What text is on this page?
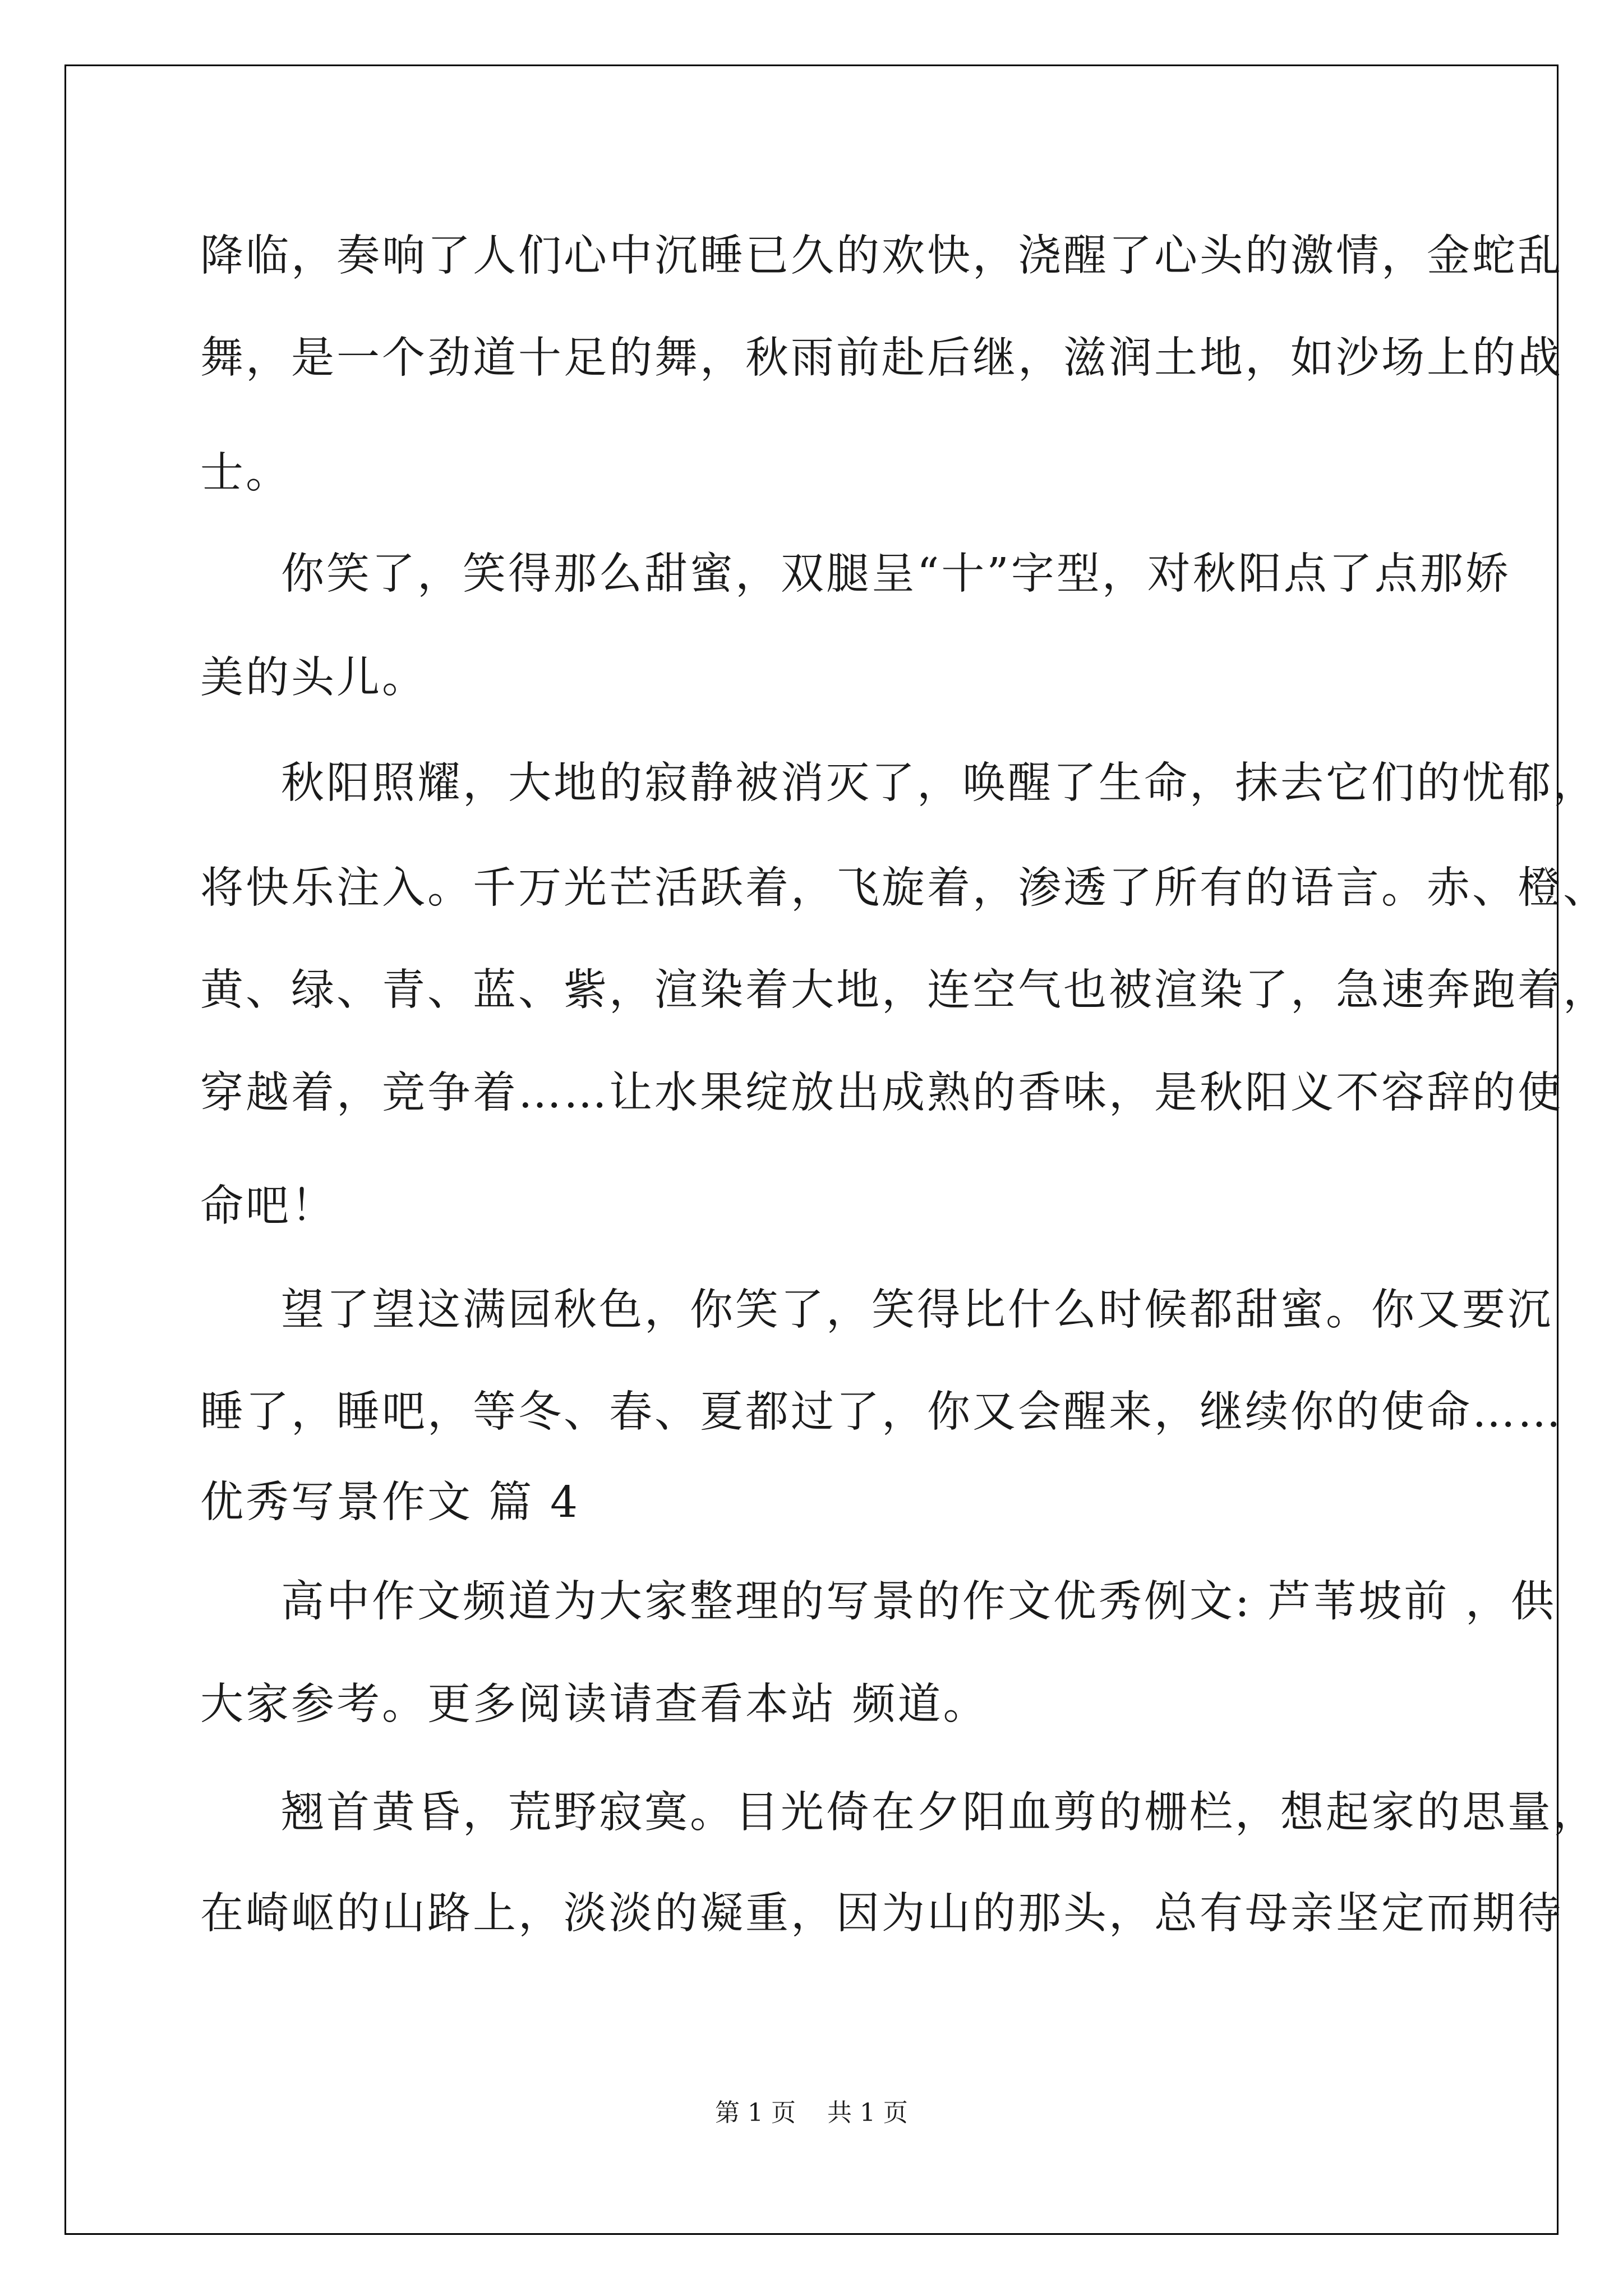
降临，奏响了人们心中沉睡已久的欢快，浇醒了心头的激情，金蛇乱
舞，是一个劲道十足的舞，秋雨前赴后继，滋润土地，如沙场上的战
士。
你笑了，笑得那么甜蜜，双腿呈“十”字型，对秋阳点了点那娇
美的头儿。
秋阳照耀，大地的寂静被消灭了，唤醒了生命，抹去它们的忧郁，
将快乐注入。千万光芒活跃着，飞旋着，渗透了所有的语言。赤、橙、
黄、绿、青、蓝、紫，渲染着大地，连空气也被渲染了，急速奔跑着，
穿越着，竞争着……让水果绽放出成熟的香味，是秋阳义不容辞的使
命吧！
望了望这满园秋色，你笑了，笑得比什么时候都甜蜜。你又要沉
睡了，睡吧，等冬、春、夏都过了，你又会醒来，继续你的使命……
优秀写景作文 篇 4
高中作文频道为大家整理的写景的作文优秀例文: 芦苇坡前 ，供
大家参考。更多阅读请查看本站 频道。
翘首黄昏，荒野寂寞。目光倚在夕阳血剪的栅栏，想起家的思量，
在崎岖的山路上，淡淡的凝重，因为山的那头，总有母亲坚定而期待
第 1 页    共 1 页
